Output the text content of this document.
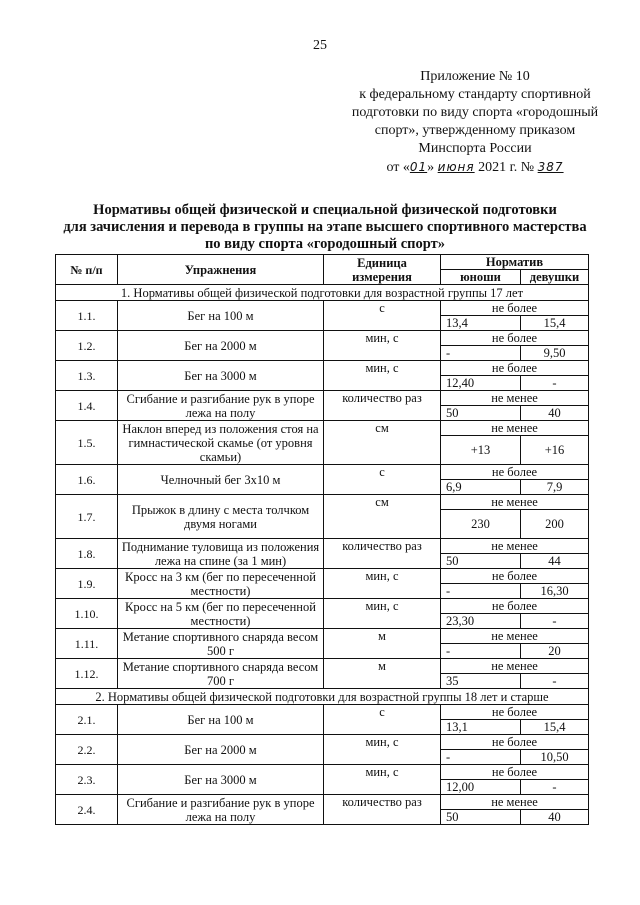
25
Приложение № 10
к федеральному стандарту спортивной
подготовки по виду спорта «городошный
спорт», утвержденному приказом
Минспорта России
от «01» июня 2021 г. № 387
Нормативы общей физической и специальной физической подготовки
для зачисления и перевода в группы на этапе высшего спортивного мастерства
по виду спорта «городошный спорт»
№ п/п	Упражнения	Единица измерения	Норматив	
			юноши	девушки
1. Нормативы общей физической подготовки для возрастной группы 17 лет				
1.1.	Бег на 100 м	с	не более	
			13,4	15,4
1.2.	Бег на 2000 м	мин, с	не более	
			-	9,50
1.3.	Бег на 3000 м	мин, с	не более	
			12,40	-
1.4.	Сгибание и разгибание рук в упоре лежа на полу	количество раз	не менее	
			50	40
1.5.	Наклон вперед из положения стоя на гимнастической скамье (от уровня скамьи)	см	не менее	
			+13	+16
1.6.	Челночный бег 3х10 м	с	не более	
			6,9	7,9
1.7.	Прыжок в длину с места толчком двумя ногами	см	не менее	
			230	200
1.8.	Поднимание туловища из положения лежа на спине (за 1 мин)	количество раз	не менее	
			50	44
1.9.	Кросс на 3 км (бег по пересеченной местности)	мин, с	не более	
			-	16,30
1.10.	Кросс на 5 км (бег по пересеченной местности)	мин, с	не более	
			23,30	-
1.11.	Метание спортивного снаряда весом 500 г	м	не менее	
			-	20
1.12.	Метание спортивного снаряда весом 700 г	м	не менее	
			35	-
2. Нормативы общей физической подготовки для возрастной группы 18 лет и старше				
2.1.	Бег на 100 м	с	не более	
			13,1	15,4
2.2.	Бег на 2000 м	мин, с	не более	
			-	10,50
2.3.	Бег на 3000 м	мин, с	не более	
			12,00	-
2.4.	Сгибание и разгибание рук в упоре лежа на полу	количество раз	не менее	
			50	40
